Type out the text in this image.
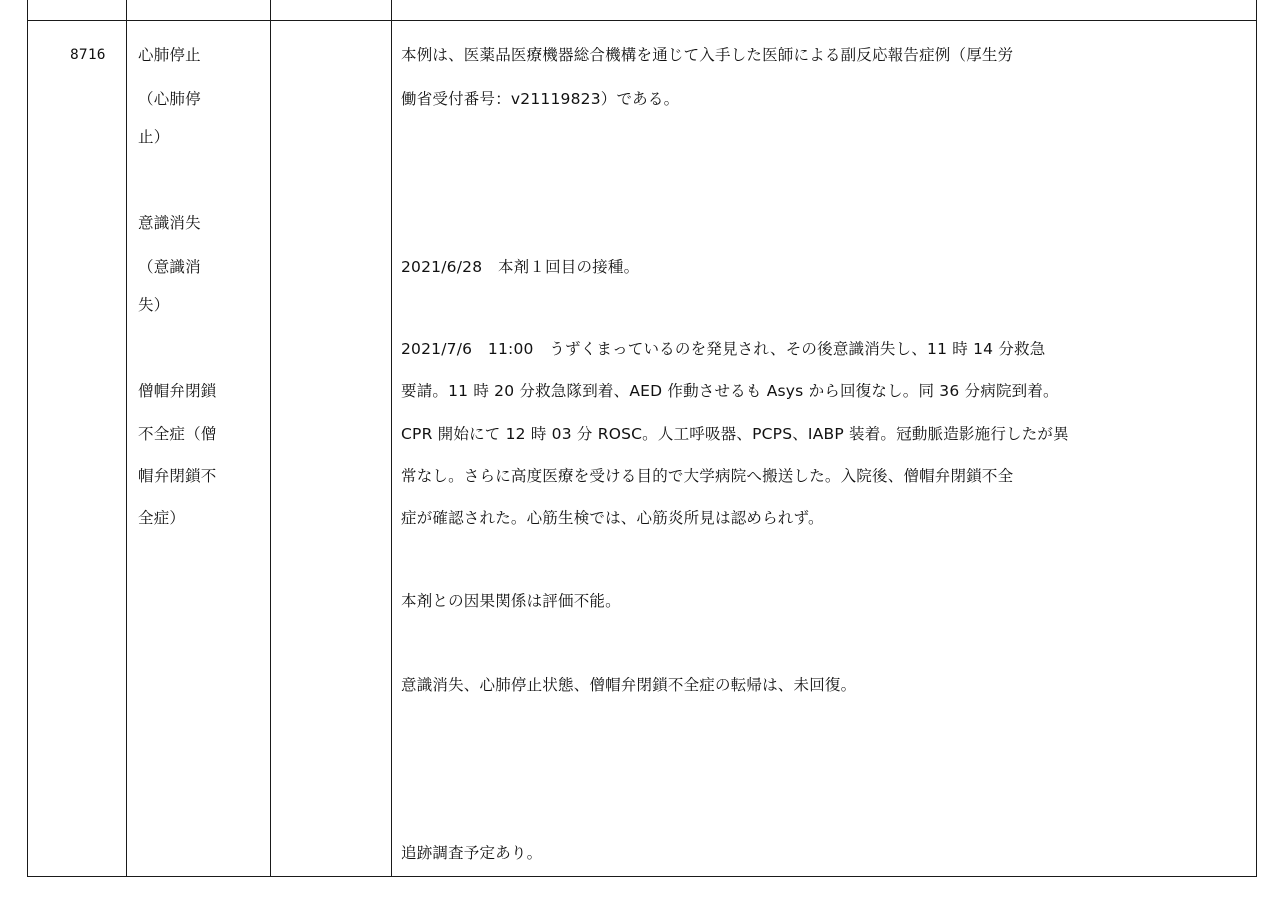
8716 心肺停止
（心肺停
止）
意識消失
（意識消
失）
僧帽弁閉鎖
不全症（僧
帽弁閉鎖不
全症）
本例は、医薬品医療機器総合機構を通じて入手した医師による副反応報告症例（厚生労
働省受付番号：v21119823）である。
2021/6/28　本剤１回目の接種。
2021/7/6　11:00　うずくまっているのを発見され、その後意識消失し、11 時 14 分救急
要請。11 時 20 分救急隊到着、AED 作動させるも Asys から回復なし。同 36 分病院到着。
CPR 開始にて 12 時 03 分 ROSC。人工呼吸器、PCPS、IABP 装着。冠動脈造影施行したが異
常なし。さらに高度医療を受ける目的で大学病院へ搬送した。入院後、僧帽弁閉鎖不全
症が確認された。心筋生検では、心筋炎所見は認められず。
本剤との因果関係は評価不能。
意識消失、心肺停止状態、僧帽弁閉鎖不全症の転帰は、未回復。
追跡調査予定あり。
